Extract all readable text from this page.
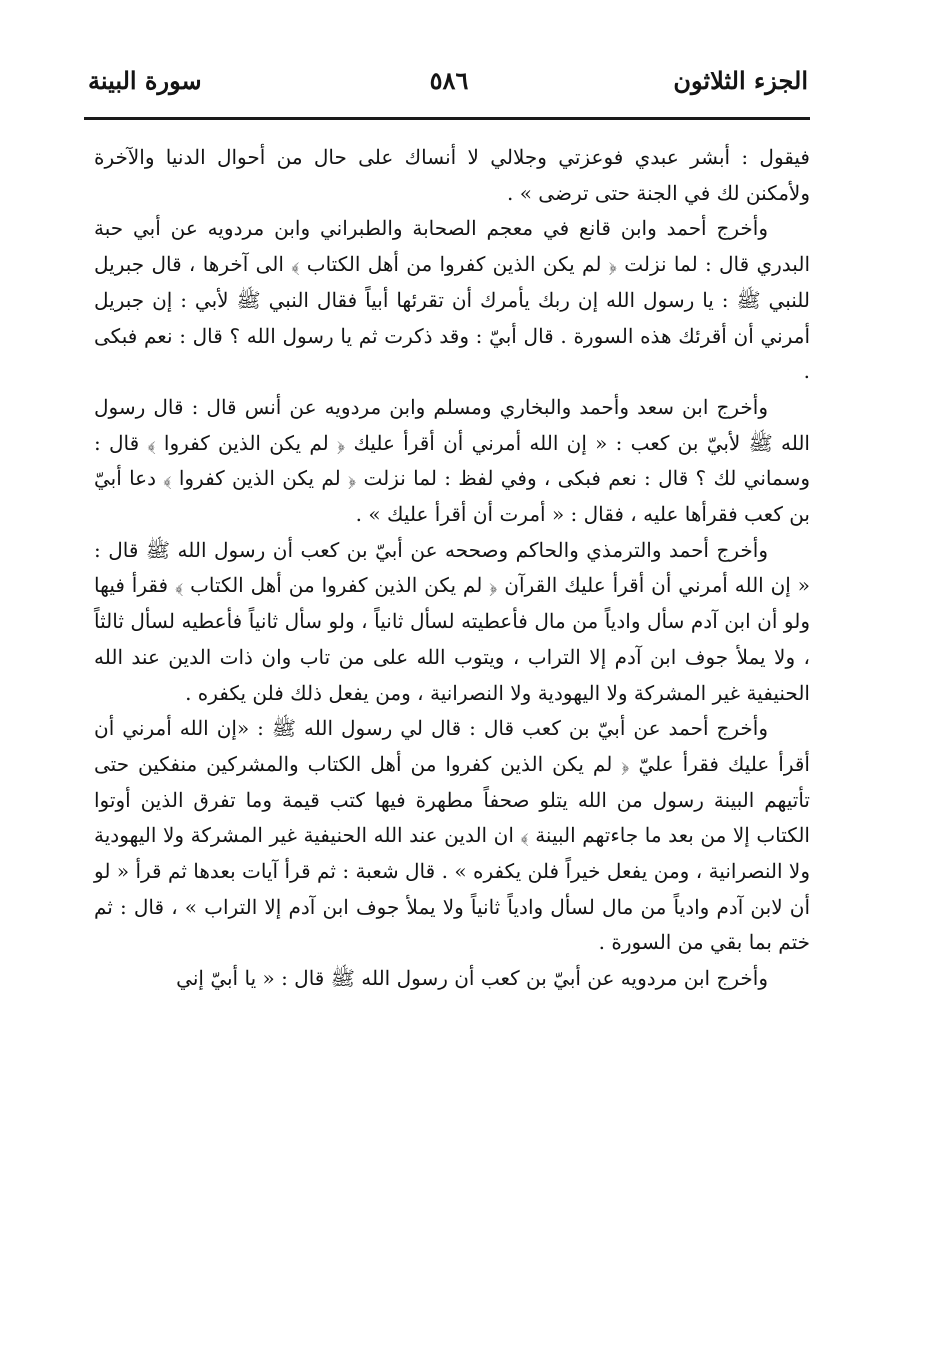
الجزء الثلاثون
٥٨٦
سورة البينة

فيقول : أبشر عبدي فوعزتي وجلالي لا أنساك على حال من أحوال الدنيا والآخرة ولأمكنن لك في الجنة حتى ترضى » .

وأخرج أحمد وابن قانع في معجم الصحابة والطبراني وابن مردويه عن أبي حبة البدري قال : لما نزلت ﴿ لم يكن الذين كفروا من أهل الكتاب ﴾ الى آخرها ، قال جبريل للنبي ﷺ : يا رسول الله إن ربك يأمرك أن تقرئها أبياً فقال النبي ﷺ لأبي : إن جبريل أمرني أن أقرئك هذه السورة . قال أبيّ : وقد ذكرت ثم يا رسول الله ؟ قال : نعم فبكى .

وأخرج ابن سعد وأحمد والبخاري ومسلم وابن مردويه عن أنس قال : قال رسول الله ﷺ لأبيّ بن كعب : « إن الله أمرني أن أقرأ عليك ﴿ لم يكن الذين كفروا ﴾ قال : وسماني لك ؟ قال : نعم فبكى ، وفي لفظ : لما نزلت ﴿ لم يكن الذين كفروا ﴾ دعا أبيّ بن كعب فقرأها عليه ، فقال : « أمرت أن أقرأ عليك » .

وأخرج أحمد والترمذي والحاكم وصححه عن أبيّ بن كعب أن رسول الله ﷺ قال : « إن الله أمرني أن أقرأ عليك القرآن ﴿ لم يكن الذين كفروا من أهل الكتاب ﴾ فقرأ فيها ولو أن ابن آدم سأل وادياً من مال فأعطيته لسأل ثانياً ، ولو سأل ثانياً فأعطيه لسأل ثالثاً ، ولا يملأ جوف ابن آدم إلا التراب ، ويتوب الله على من تاب وان ذات الدين عند الله الحنيفية غير المشركة ولا اليهودية ولا النصرانية ، ومن يفعل ذلك فلن يكفره .

وأخرج أحمد عن أبيّ بن كعب قال : قال لي رسول الله ﷺ : «إن الله أمرني أن أقرأ عليك فقرأ عليّ ﴿ لم يكن الذين كفروا من أهل الكتاب والمشركين منفكين حتى تأتيهم البينة رسول من الله يتلو صحفاً مطهرة فيها كتب قيمة وما تفرق الذين أوتوا الكتاب إلا من بعد ما جاءتهم البينة ﴾ ان الدين عند الله الحنيفية غير المشركة ولا اليهودية ولا النصرانية ، ومن يفعل خيراً فلن يكفره » . قال شعبة : ثم قرأ آيات بعدها ثم قرأ « لو أن لابن آدم وادياً من مال لسأل وادياً ثانياً ولا يملأ جوف ابن آدم إلا التراب » ، قال : ثم ختم بما بقي من السورة .

وأخرج ابن مردويه عن أبيّ بن كعب أن رسول الله ﷺ قال : « يا أبيّ إني
